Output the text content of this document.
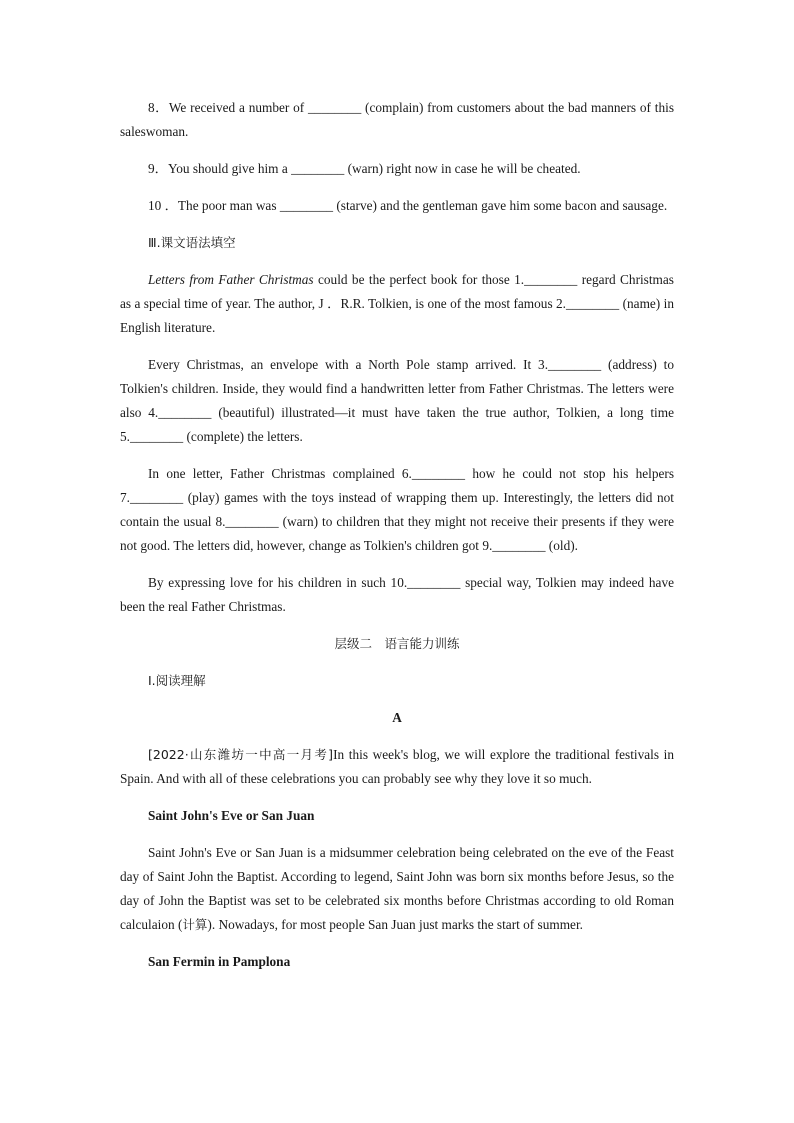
8．We received a number of ________ (complain) from customers about the bad manners of this saleswoman.

9．You should give him a ________ (warn) right now in case he will be cheated.

10 ．The poor man was ________ (starve) and the gentleman gave him some bacon and sausage.

Ⅲ.课文语法填空

Letters from Father Christmas could be the perfect book for those 1.________ regard Christmas as a special time of year. The author, J ．R.R. Tolkien, is one of the most famous 2.________ (name) in English literature.

Every Christmas, an envelope with a North Pole stamp arrived. It 3.________ (address) to Tolkien's children. Inside, they would find a handwritten letter from Father Christmas. The letters were also 4.________ (beautiful) illustrated—it must have taken the true author, Tolkien, a long time 5.________ (complete) the letters.

In one letter, Father Christmas complained 6.________ how he could not stop his helpers 7.________ (play) games with the toys instead of wrapping them up. Interestingly, the letters did not contain the usual 8.________ (warn) to children that they might not receive their presents if they were not good. The letters did, however, change as Tolkien's children got 9.________ (old).

By expressing love for his children in such 10.________ special way, Tolkien may indeed have been the real Father Christmas.

层级二　语言能力训练
Ⅰ.阅读理解
A

[2022·山东潍坊一中高一月考]In this week's blog, we will explore the traditional festivals in Spain. And with all of these celebrations you can probably see why they love it so much.

Saint John's Eve or San Juan

Saint John's Eve or San Juan is a midsummer celebration being celebrated on the eve of the Feast day of Saint John the Baptist. According to legend, Saint John was born six months before Jesus, so the day of John the Baptist was set to be celebrated six months before Christmas according to old Roman calculaion (计算). Nowadays, for most people San Juan just marks the start of summer.

San Fermin in Pamplona
